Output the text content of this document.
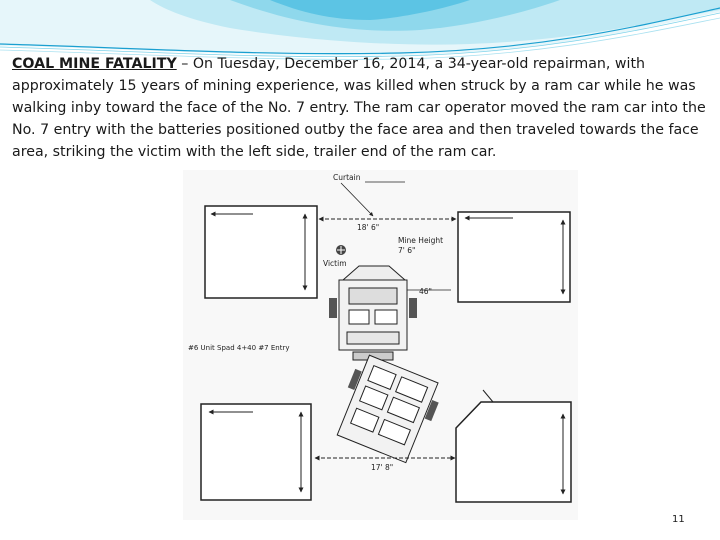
COAL MINE FATALITY – On Tuesday, December 16, 2014, a 34-year-old repairman, with approximately 15 years of mining experience, was killed when struck by a ram car while he was walking inby toward the face of the No. 7 entry. The ram car operator moved the ram car into the No. 7 entry with the batteries positioned outby the face area and then traveled towards the face area, striking the victim with the left side, trailer end of the ram car.

Curtain
18' 6"
Mine Height
7' 6"
Victim
46"
#6 Unit Spad 4+40 #7 Entry
17' 8"
11
